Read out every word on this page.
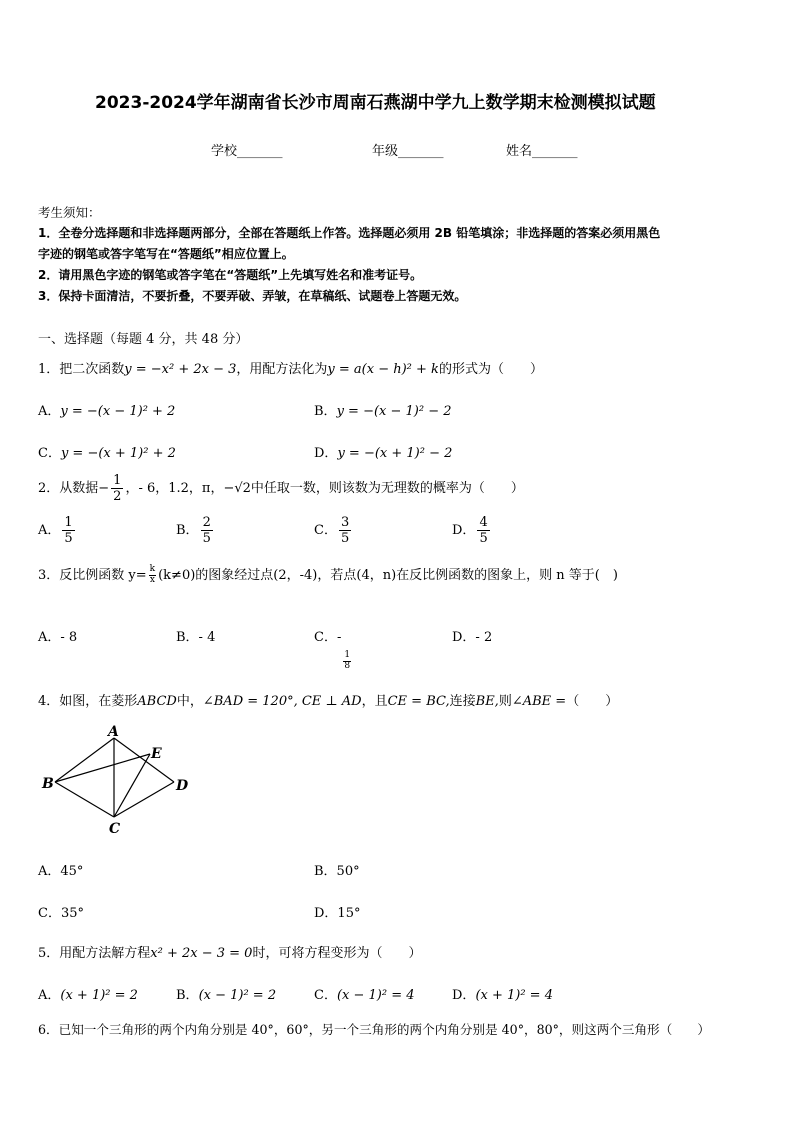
2023-2024学年湖南省长沙市周南石燕湖中学九上数学期末检测模拟试题
学校_______	年级_______	姓名_______
考生须知：
1．全卷分选择题和非选择题两部分，全部在答题纸上作答。选择题必须用 2B 铅笔填涂；非选择题的答案必须用黑色
字迹的钢笔或答字笔写在“答题纸”相应位置上。
2．请用黑色字迹的钢笔或答字笔在“答题纸”上先填写姓名和准考证号。
3．保持卡面清洁，不要折叠，不要弄破、弄皱，在草稿纸、试题卷上答题无效。
一、选择题（每题 4 分，共 48 分）
1．把二次函数y = −x² + 2x − 3，用配方法化为y = a(x − h)² + k的形式为（　　）
A．y = −(x − 1)² + 2	B．y = −(x − 1)² − 2
C．y = −(x + 1)² + 2	D．y = −(x + 1)² − 2
2．从数据− $\frac{1}{2}$ ，- 6，1.2，π，−√2中任取一数，则该数为无理数的概率为（　　）
A． $\frac{1}{5}$	B． $\frac{2}{5}$	C． $\frac{3}{5}$	D． $\frac{4}{5}$
3．反比例函数 $y= \frac{k}{x} (k\ne 0)$的图象经过点(2，-4)，若点(4，n)在反比例函数的图象上，则 n 等于(　)
A．- 8	B．- 4	C．-
$\frac{1}{8}$
D．- 2
4．如图，在菱形ABCD中，∠BAD = 120°, CE ⊥ AD，且CE = BC,连接BE,则∠ABE =（　　）
A
B
C
D
E
A．45°	B．50°
C．35°	D．15°
5．用配方法解方程x² + 2x − 3 = 0时，可将方程变形为（　　）
A．(x + 1)² = 2	B．(x − 1)² = 2	C．(x − 1)² = 4	D．(x + 1)² = 4
6．已知一个三角形的两个内角分别是 40°，60°，另一个三角形的两个内角分别是 40°，80°，则这两个三角形（　　）
